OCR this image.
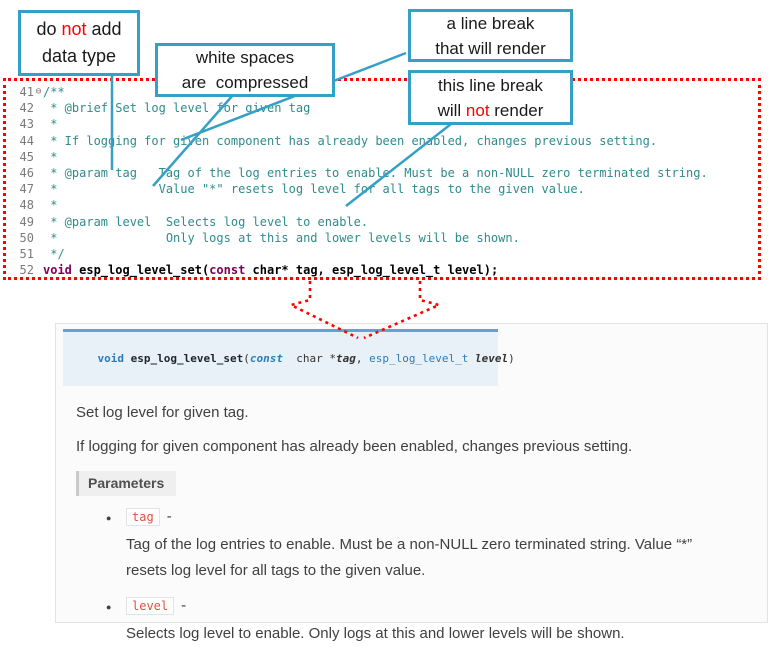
41 ⊖ /**
42 * @brief Set log level for given tag
43 *
44 * If logging for given component has already been enabled, changes previous setting.
45 *
46 * @param tag   Tag of the log entries to enable. Must be a non-NULL zero terminated string.
47 *              Value "*" resets log level for all tags to the given value.
48 *
49 * @param level  Selects log level to enable.
50 *               Only logs at this and lower levels will be shown.
51 */
52 void esp_log_level_set(const char* tag, esp_log_level_t level);
do not add
data type	white spaces
are  compressed
a line break
that will render
this line break
will not render

void esp_log_level_set(const  char *tag, esp_log_level_t level)

Set log level for given tag.
If logging for given component has already been enabled, changes previous setting.
Parameters
● tag -
Tag of the log entries to enable. Must be a non-NULL zero terminated string. Value “*” resets log level for all tags to the given value.
● level -
Selects log level to enable. Only logs at this and lower levels will be shown.
